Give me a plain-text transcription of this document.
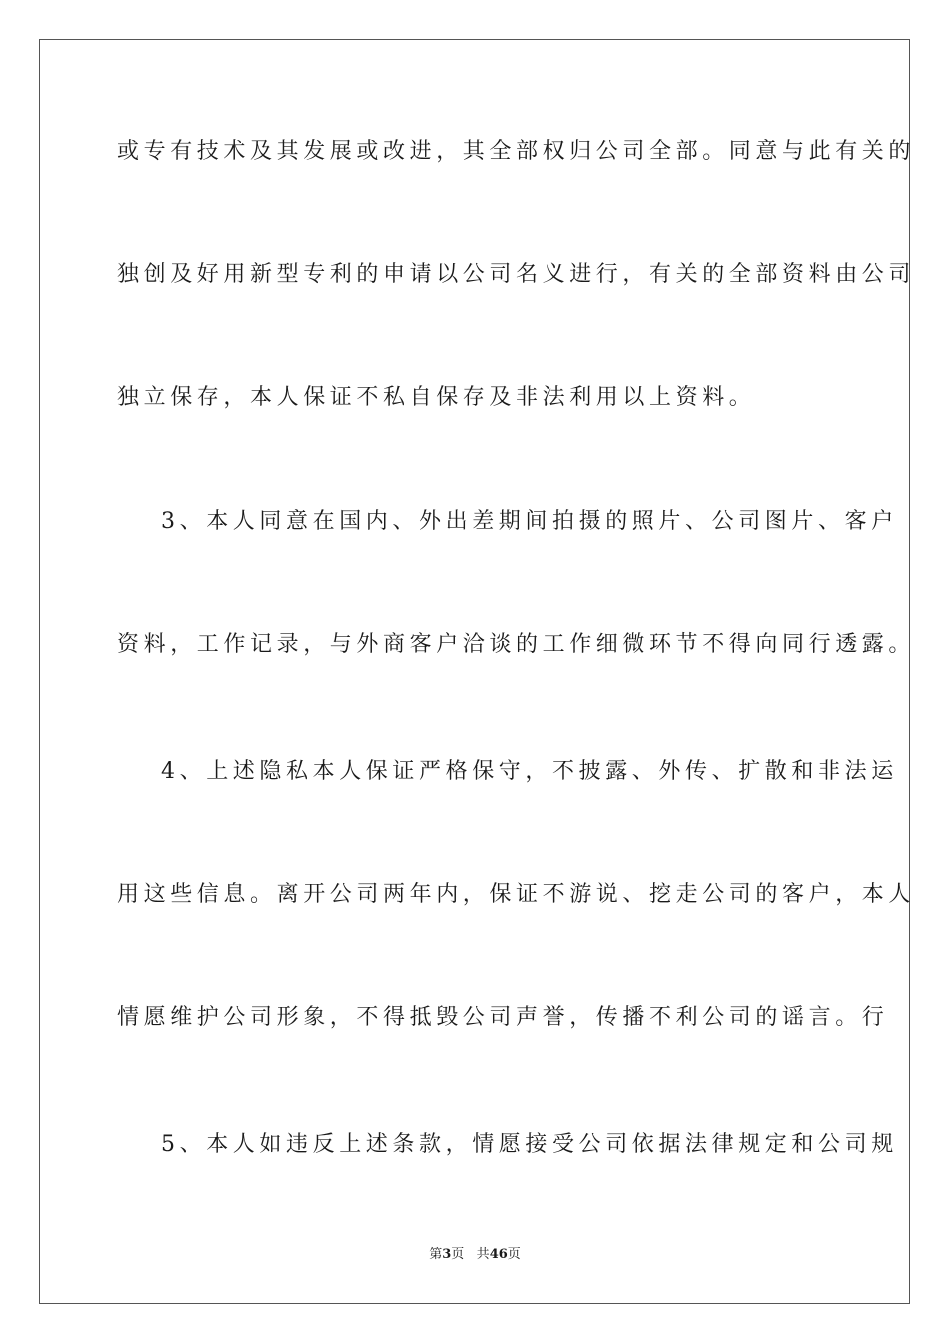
或专有技术及其发展或改进，其全部权归公司全部。同意与此有关的
独创及好用新型专利的申请以公司名义进行，有关的全部资料由公司
独立保存，本人保证不私自保存及非法利用以上资料。
3、本人同意在国内、外出差期间拍摄的照片、公司图片、客户
资料，工作记录，与外商客户洽谈的工作细微环节不得向同行透露。
4、上述隐私本人保证严格保守，不披露、外传、扩散和非法运
用这些信息。离开公司两年内，保证不游说、挖走公司的客户，本人
情愿维护公司形象，不得抵毁公司声誉，传播不利公司的谣言。行
5、本人如违反上述条款，情愿接受公司依据法律规定和公司规
第3页 共46页
